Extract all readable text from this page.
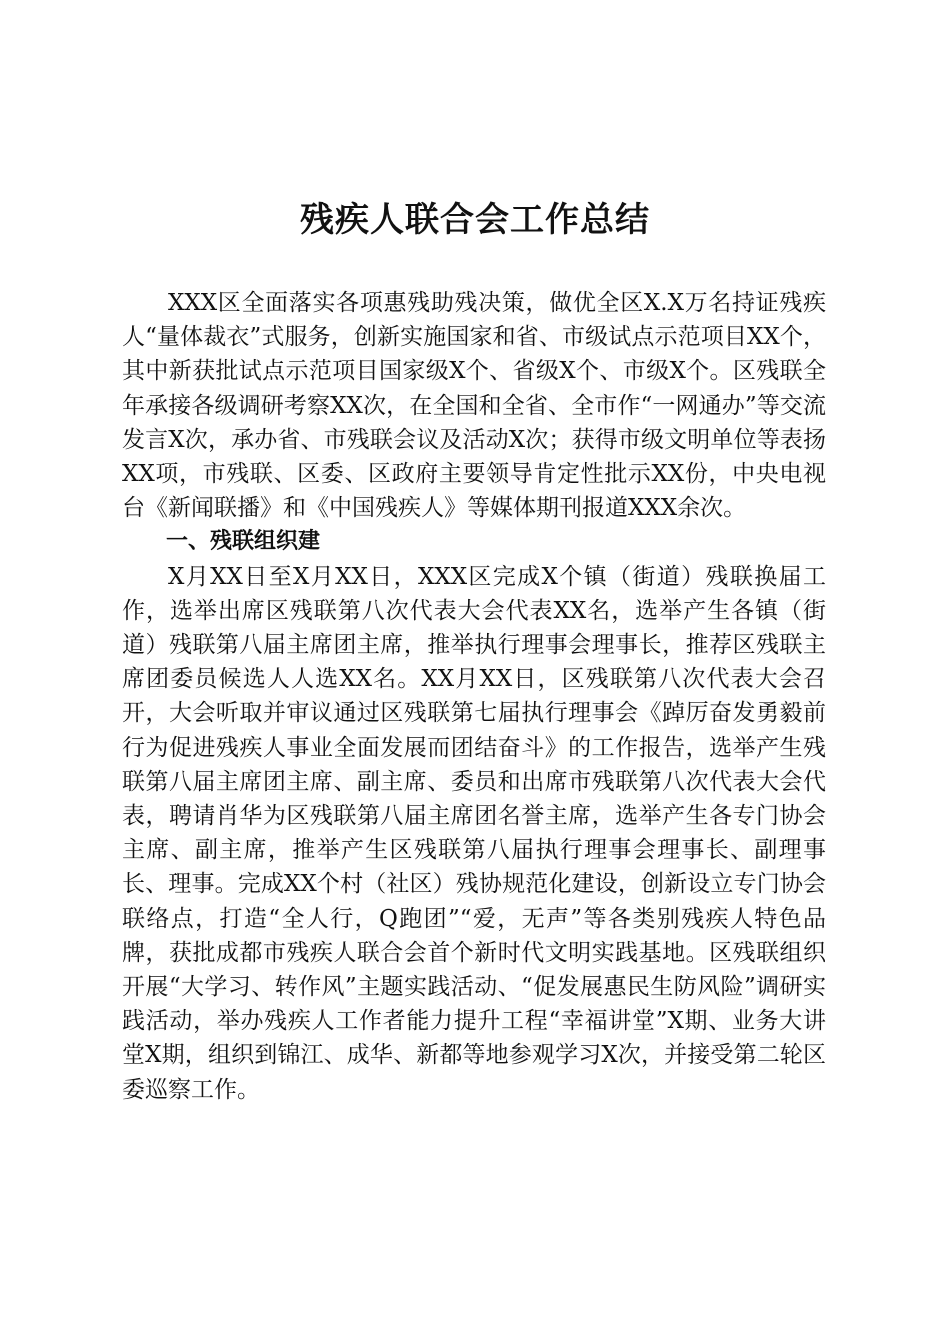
残疾人联合会工作总结

XXX区全面落实各项惠残助残决策，做优全区X.X万名持证残疾人“量体裁衣”式服务，创新实施国家和省、市级试点示范项目XX个，其中新获批试点示范项目国家级X个、省级X个、市级X个。区残联全年承接各级调研考察XX次，在全国和全省、全市作“一网通办”等交流发言X次，承办省、市残联会议及活动X次；获得市级文明单位等表扬XX项，市残联、区委、区政府主要领导肯定性批示XX份，中央电视台《新闻联播》和《中国残疾人》等媒体期刊报道XXX余次。

一、残联组织建

X月XX日至X月XX日，XXX区完成X个镇（街道）残联换届工作，选举出席区残联第八次代表大会代表XX名，选举产生各镇（街道）残联第八届主席团主席，推举执行理事会理事长，推荐区残联主席团委员候选人人选XX名。XX月XX日，区残联第八次代表大会召开，大会听取并审议通过区残联第七届执行理事会《踔厉奋发勇毅前行为促进残疾人事业全面发展而团结奋斗》的工作报告，选举产生残联第八届主席团主席、副主席、委员和出席市残联第八次代表大会代表，聘请肖华为区残联第八届主席团名誉主席，选举产生各专门协会主席、副主席，推举产生区残联第八届执行理事会理事长、副理事长、理事。完成XX个村（社区）残协规范化建设，创新设立专门协会联络点，打造“全人行，Q跑团”“爱，无声”等各类别残疾人特色品牌，获批成都市残疾人联合会首个新时代文明实践基地。区残联组织开展“大学习、转作风”主题实践活动、“促发展惠民生防风险”调研实践活动，举办残疾人工作者能力提升工程“幸福讲堂”X期、业务大讲堂X期，组织到锦江、成华、新都等地参观学习X次，并接受第二轮区委巡察工作。
